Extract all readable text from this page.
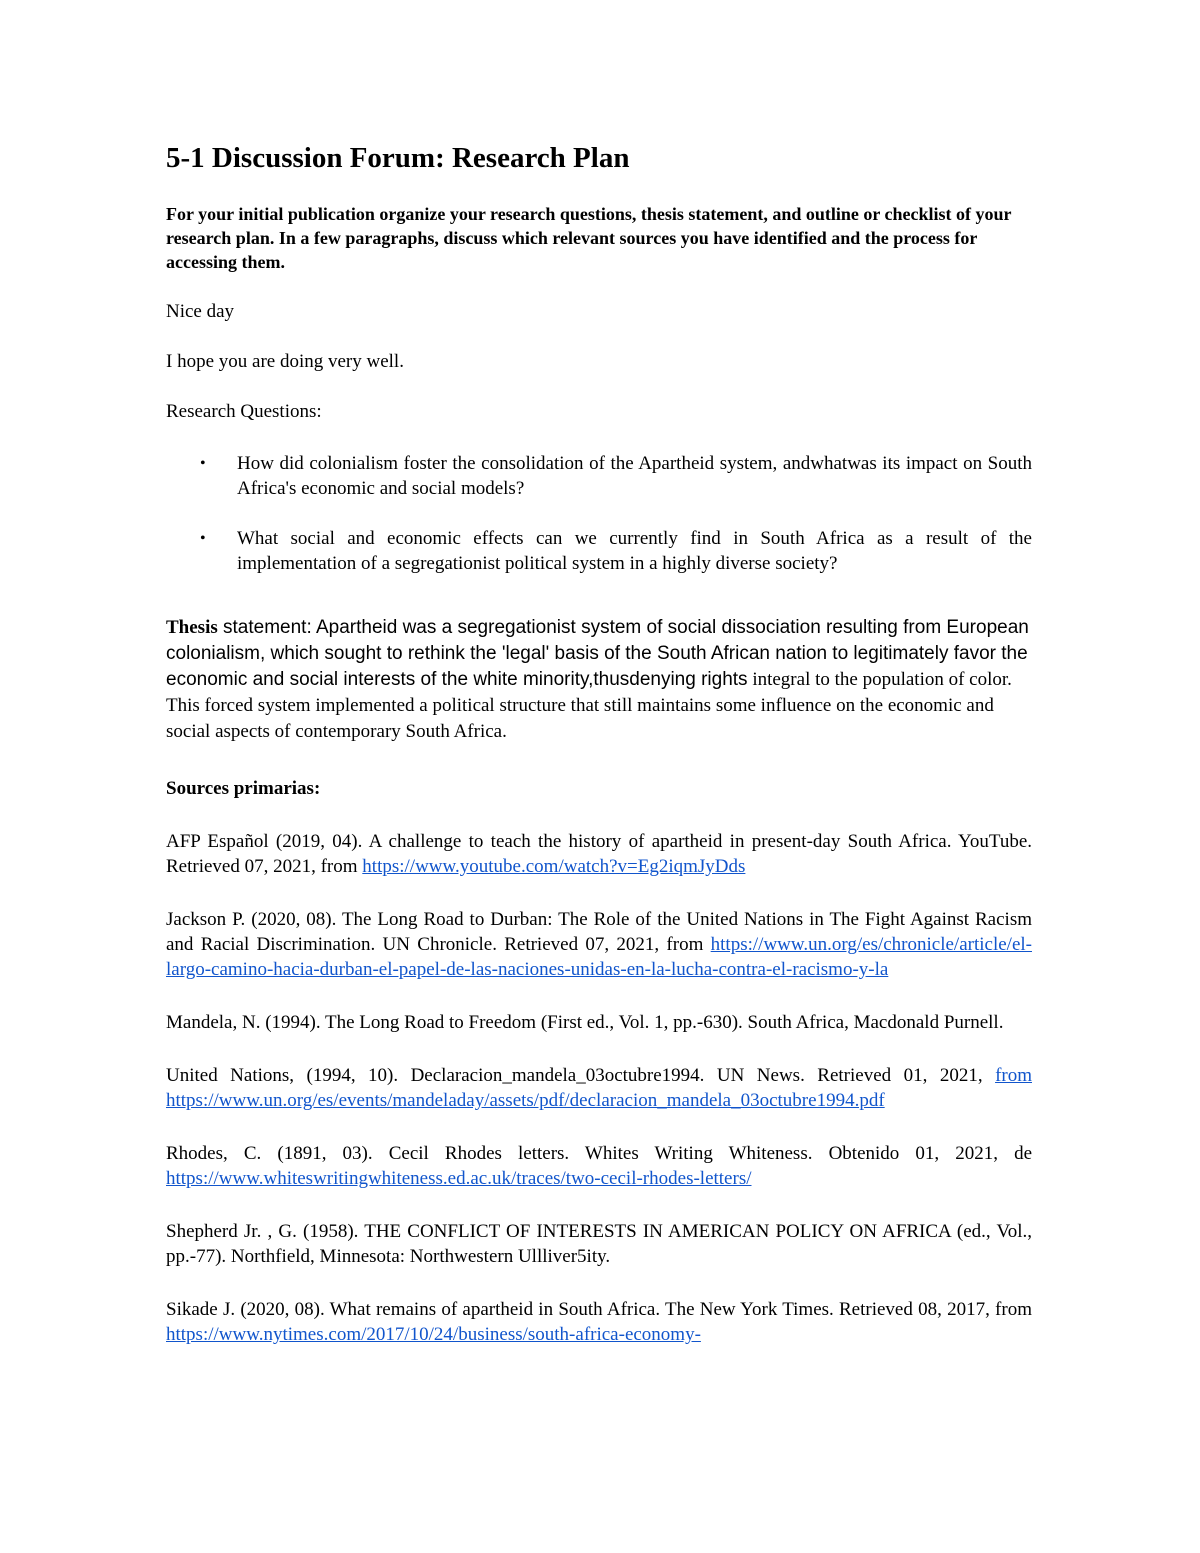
5-1 Discussion Forum: Research Plan

For your initial publication organize your research questions, thesis statement, and outline or checklist of your research plan. In a few paragraphs, discuss which relevant sources you have identified and the process for accessing them.

Nice day

I hope you are doing very well.

Research Questions:

• How did colonialism foster the consolidation of the Apartheid system, andwhatwas its impact on South Africa's economic and social models?
• What social and economic effects can we currently find in South Africa as a result of the implementation of a segregationist political system in a highly diverse society?

Thesis statement: Apartheid was a segregationist system of social dissociation resulting from European colonialism, which sought to rethink the 'legal' basis of the South African nation to legitimately favor the economic and social interests of the white minority,thusdenying rights integral to the population of color. This forced system implemented a political structure that still maintains some influence on the economic and social aspects of contemporary South Africa.

Sources primarias:

AFP Español (2019, 04). A challenge to teach the history of apartheid in present-day South Africa. YouTube. Retrieved 07, 2021, from https://www.youtube.com/watch?v=Eg2iqmJyDds

Jackson P. (2020, 08). The Long Road to Durban: The Role of the United Nations in The Fight Against Racism and Racial Discrimination. UN Chronicle. Retrieved 07, 2021, from https://www.un.org/es/chronicle/article/el-largo-camino-hacia-durban-el-papel-de-las-naciones-unidas-en-la-lucha-contra-el-racismo-y-la

Mandela, N. (1994). The Long Road to Freedom (First ed., Vol. 1, pp.-630). South Africa, Macdonald Purnell.

United Nations, (1994, 10). Declaracion_mandela_03octubre1994. UN News. Retrieved 01, 2021, from https://www.un.org/es/events/mandeladay/assets/pdf/declaracion_mandela_03octubre1994.pdf

Rhodes, C. (1891, 03). Cecil Rhodes letters. Whites Writing Whiteness. Obtenido 01, 2021, de https://www.whiteswritingwhiteness.ed.ac.uk/traces/two-cecil-rhodes-letters/

Shepherd Jr. , G. (1958). THE CONFLICT OF INTERESTS IN AMERICAN POLICY ON AFRICA (ed., Vol., pp.-77). Northfield, Minnesota: Northwestern Ullliver5ity.

Sikade J. (2020, 08). What remains of apartheid in South Africa. The New York Times. Retrieved 08, 2017, from https://www.nytimes.com/2017/10/24/business/south-africa-economy-
